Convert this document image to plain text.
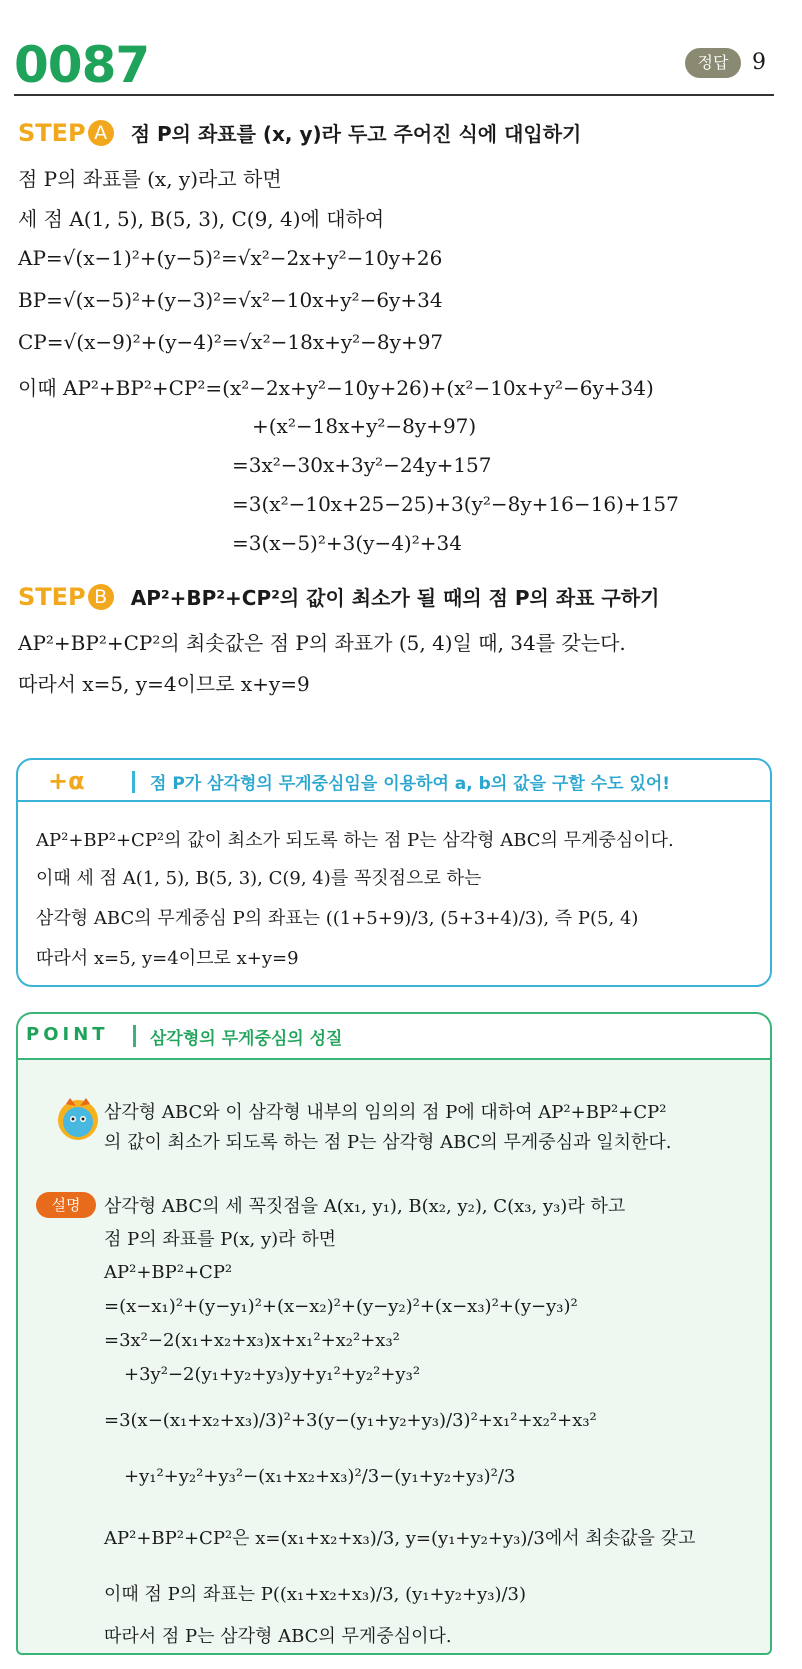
0087	정답	9
STEP A 점 P의 좌표를 (x, y)라 두고 주어진 식에 대입하기
점 P의 좌표를 (x, y)라고 하면
세 점 A(1, 5), B(5, 3), C(9, 4)에 대하여
AP=√(x−1)²+(y−5)²=√x²−2x+y²−10y+26
BP=√(x−5)²+(y−3)²=√x²−10x+y²−6y+34
CP=√(x−9)²+(y−4)²=√x²−18x+y²−8y+97
이때 AP²+BP²+CP²=(x²−2x+y²−10y+26)+(x²−10x+y²−6y+34)
+(x²−18x+y²−8y+97)
=3x²−30x+3y²−24y+157
=3(x²−10x+25−25)+3(y²−8y+16−16)+157
=3(x−5)²+3(y−4)²+34
STEP B AP²+BP²+CP²의 값이 최소가 될 때의 점 P의 좌표 구하기
AP²+BP²+CP²의 최솟값은 점 P의 좌표가 (5, 4)일 때, 34를 갖는다.
따라서 x=5, y=4이므로 x+y=9
+α	점 P가 삼각형의 무게중심임을 이용하여 a, b의 값을 구할 수도 있어!
AP²+BP²+CP²의 값이 최소가 되도록 하는 점 P는 삼각형 ABC의 무게중심이다.
이때 세 점 A(1, 5), B(5, 3), C(9, 4)를 꼭짓점으로 하는
삼각형 ABC의 무게중심 P의 좌표는 ((1+5+9)/3, (5+3+4)/3), 즉 P(5, 4)
따라서 x=5, y=4이므로 x+y=9
POINT 삼각형의 무게중심의 성질
삼각형 ABC와 이 삼각형 내부의 임의의 점 P에 대하여 AP²+BP²+CP²
의 값이 최소가 되도록 하는 점 P는 삼각형 ABC의 무게중심과 일치한다.
설명	삼각형 ABC의 세 꼭짓점을 A(x₁, y₁), B(x₂, y₂), C(x₃, y₃)라 하고
점 P의 좌표를 P(x, y)라 하면
AP²+BP²+CP²
=(x−x₁)²+(y−y₁)²+(x−x₂)²+(y−y₂)²+(x−x₃)²+(y−y₃)²
=3x²−2(x₁+x₂+x₃)x+x₁²+x₂²+x₃²
+3y²−2(y₁+y₂+y₃)y+y₁²+y₂²+y₃²
=3(x−(x₁+x₂+x₃)/3)²+3(y−(y₁+y₂+y₃)/3)²+x₁²+x₂²+x₃²
+y₁²+y₂²+y₃²−(x₁+x₂+x₃)²/3−(y₁+y₂+y₃)²/3
AP²+BP²+CP²은 x=(x₁+x₂+x₃)/3, y=(y₁+y₂+y₃)/3에서 최솟값을 갖고
이때 점 P의 좌표는 P((x₁+x₂+x₃)/3, (y₁+y₂+y₃)/3)
따라서 점 P는 삼각형 ABC의 무게중심이다.
